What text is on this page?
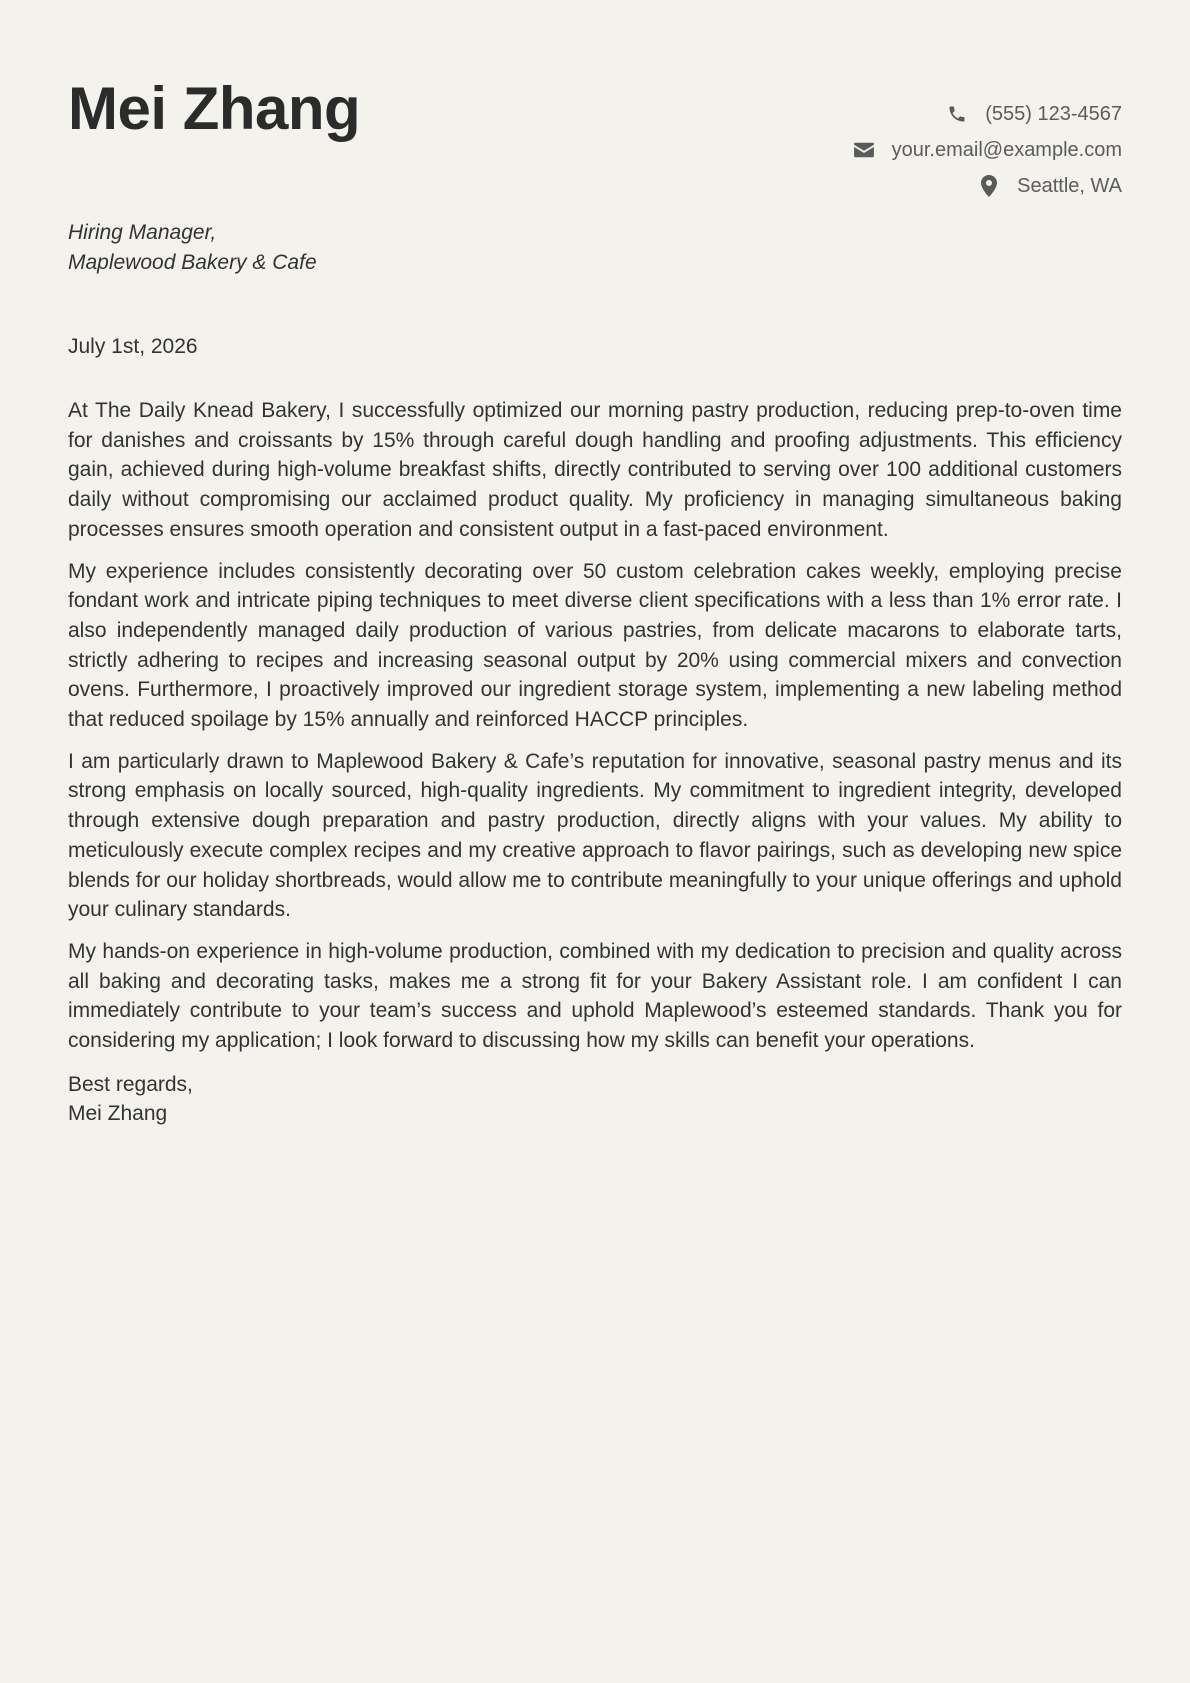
Mei Zhang	(555) 123-4567
your.email@example.com
Seattle, WA
Hiring Manager,
Maplewood Bakery & Cafe
July 1st, 2026

At The Daily Knead Bakery, I successfully optimized our morning pastry production, reducing prep-to-oven time for danishes and croissants by 15% through careful dough handling and proofing adjustments. This efficiency gain, achieved during high-volume breakfast shifts, directly contributed to serving over 100 additional customers daily without compromising our acclaimed product quality. My proficiency in managing simultaneous baking processes ensures smooth operation and consistent output in a fast-paced environment.

My experience includes consistently decorating over 50 custom celebration cakes weekly, employing precise fondant work and intricate piping techniques to meet diverse client specifications with a less than 1% error rate. I also independently managed daily production of various pastries, from delicate macarons to elaborate tarts, strictly adhering to recipes and increasing seasonal output by 20% using commercial mixers and convection ovens. Furthermore, I proactively improved our ingredient storage system, implementing a new labeling method that reduced spoilage by 15% annually and reinforced HACCP principles.

I am particularly drawn to Maplewood Bakery & Cafe’s reputation for innovative, seasonal pastry menus and its strong emphasis on locally sourced, high-quality ingredients. My commitment to ingredient integrity, developed through extensive dough preparation and pastry production, directly aligns with your values. My ability to meticulously execute complex recipes and my creative approach to flavor pairings, such as developing new spice blends for our holiday shortbreads, would allow me to contribute meaningfully to your unique offerings and uphold your culinary standards.

My hands-on experience in high-volume production, combined with my dedication to precision and quality across all baking and decorating tasks, makes me a strong fit for your Bakery Assistant role. I am confident I can immediately contribute to your team’s success and uphold Maplewood’s esteemed standards. Thank you for considering my application; I look forward to discussing how my skills can benefit your operations.

Best regards,
Mei Zhang
